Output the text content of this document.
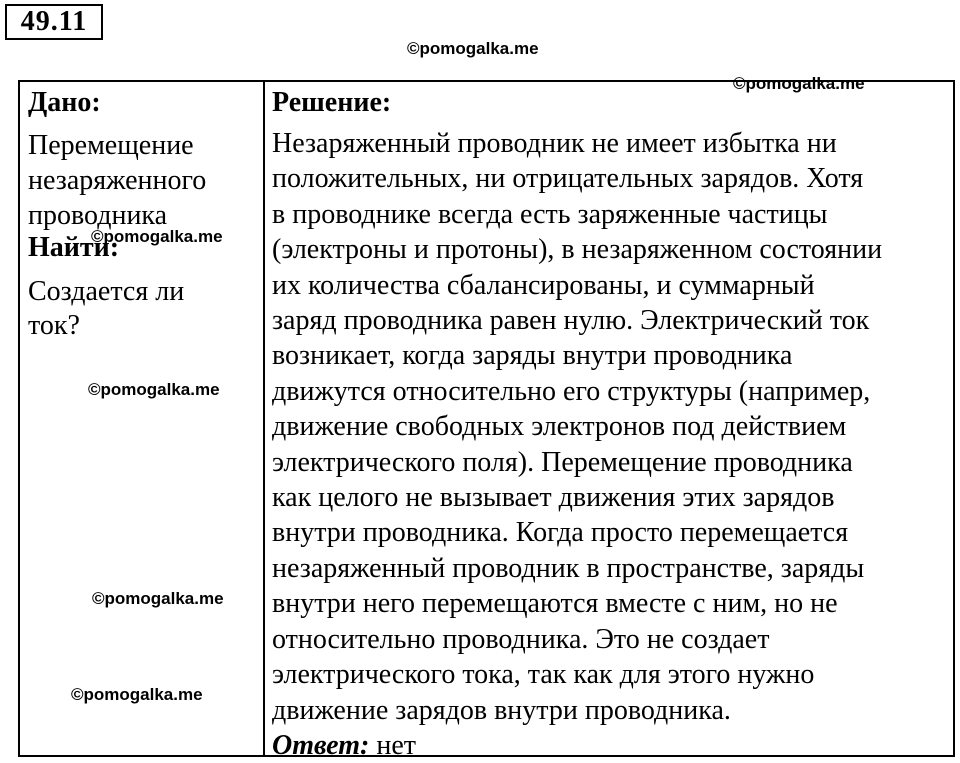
49.11
©pomogalka.me
©pomogalka.me
Дано:
Перемещение
незаряженного
проводника
Найти:
Создается ли
ток?
Решение:
Незаряженный проводник не имеет избытка ни
положительных, ни отрицательных зарядов. Хотя
в проводнике всегда есть заряженные частицы
(электроны и протоны), в незаряженном состоянии
их количества сбалансированы, и суммарный
заряд проводника равен нулю. Электрический ток
возникает, когда заряды внутри проводника
движутся относительно его структуры (например,
движение свободных электронов под действием
электрического поля). Перемещение проводника
как целого не вызывает движения этих зарядов
внутри проводника. Когда просто перемещается
незаряженный проводник в пространстве, заряды
внутри него перемещаются вместе с ним, но не
относительно проводника. Это не создает
электрического тока, так как для этого нужно
движение зарядов внутри проводника.
Ответ: нет
©pomogalka.me
©pomogalka.me
©pomogalka.me
©pomogalka.me
